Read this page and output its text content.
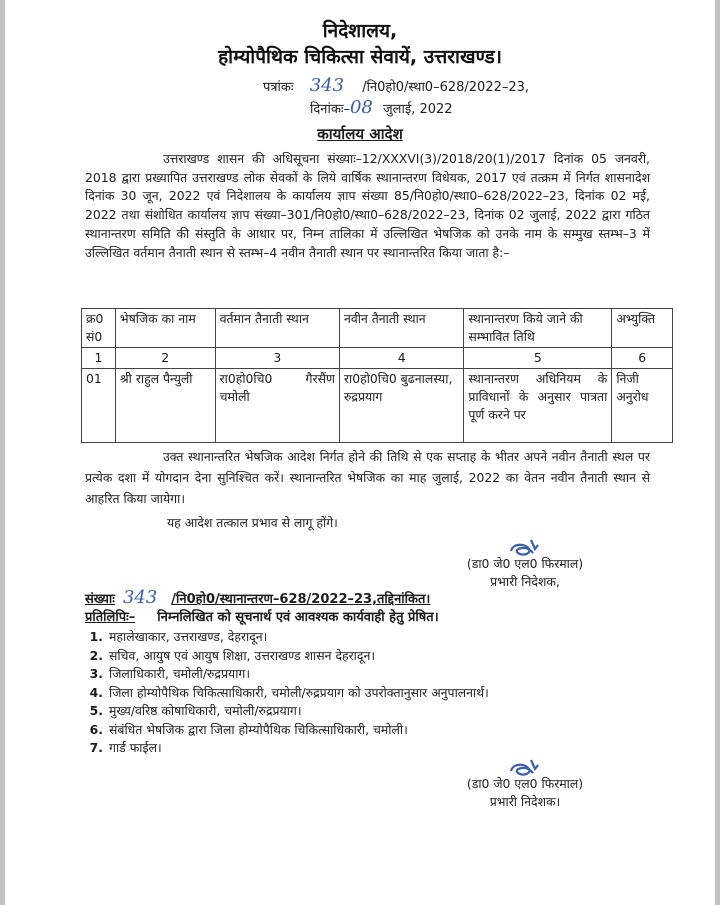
निदेशालय,
होम्योपैथिक चिकित्सा सेवायें, उत्तराखण्ड।
पत्रांकः 343 /नि0हो0/स्था0–628/2022–23,
दिनांकः–08 जुलाई, 2022
कार्यालय आदेश
उत्तराखण्ड शासन की अधिसूचना संख्याः–12/XXXVI(3)/2018/20(1)/2017 दिनांक 05 जनवरी, 2018 द्वारा प्रख्यापित उत्तराखण्ड लोक सेवकों के लिये वार्षिक स्थानान्तरण विधेयक, 2017 एवं तत्क्रम में निर्गत शासनादेश दिनांक 30 जून, 2022 एवं निदेशालय के कार्यालय ज्ञाप संख्या 85/नि0हो0/स्था0–628/2022–23, दिनांक 02 मई, 2022 तथा संशोधित कार्यालय ज्ञाप संख्या–301/नि0हो0/स्था0–628/2022–23, दिनांक 02 जुलाई, 2022 द्वारा गठित स्थानान्तरण समिति की संस्तुति के आधार पर, निम्न तालिका में उल्लिखित भेषजिक को उनके नाम के सम्मुख स्तम्भ–3 में उल्लिखित वर्तमान तैनाती स्थान से स्तम्भ–4 नवीन तैनाती स्थान पर स्थानान्तरित किया जाता है:–
क्र0 सं0	भेषजिक का नाम	वर्तमान तैनाती स्थान	नवीन तैनाती स्थान	स्थानान्तरण किये जाने की सम्भावित तिथि	अभ्युक्ति
1	2	3	4	5	6
01	श्री राहुल पैन्युली	रा0हो0चि0 गैरसैंण चमोली	रा0हो0चि0 बुढनालस्या, रुद्रप्रयाग	स्थानान्तरण अधिनियम के प्राविधानों के अनुसार पात्रता पूर्ण करने पर	निजी अनुरोध
उक्त स्थानान्तरित भेषजिक आदेश निर्गत होने की तिथि से एक सप्ताह के भीतर अपने नवीन तैनाती स्थल पर प्रत्येक दशा में योगदान देना सुनिश्चित करें। स्थानान्तरित भेषजिक का माह जुलाई, 2022 का वेतन नवीन तैनाती स्थान से आहरित किया जायेगा।
यह आदेश तत्काल प्रभाव से लागू होंगे।
(डा0 जे0 एल0 फिरमाल)
प्रभारी निदेशक,
संख्याः 343 /नि0हो0/स्थानान्तरण–628/2022–23,तद्दिनांकित।
प्रतिलिपिः– निम्नलिखित को सूचनार्थ एवं आवश्यक कार्यवाही हेतु प्रेषित।
1. महालेखाकार, उत्तराखण्ड, देहरादून।
2. सचिव, आयुष एवं आयुष शिक्षा, उत्तराखण्ड शासन देहरादून।
3. जिलाधिकारी, चमोली/रुद्रप्रयाग।
4. जिला होम्योपैथिक चिकित्साधिकारी, चमोली/रुद्रप्रयाग को उपरोक्तानुसार अनुपालनार्थ।
5. मुख्य/वरिष्ठ कोषाधिकारी, चमोली/रुद्रप्रयाग।
6. संबंधित भेषजिक द्वारा जिला होम्योपैथिक चिकित्साधिकारी, चमोली।
7. गार्ड फाईल।
(डा0 जे0 एल0 फिरमाल)
प्रभारी निदेशक।
